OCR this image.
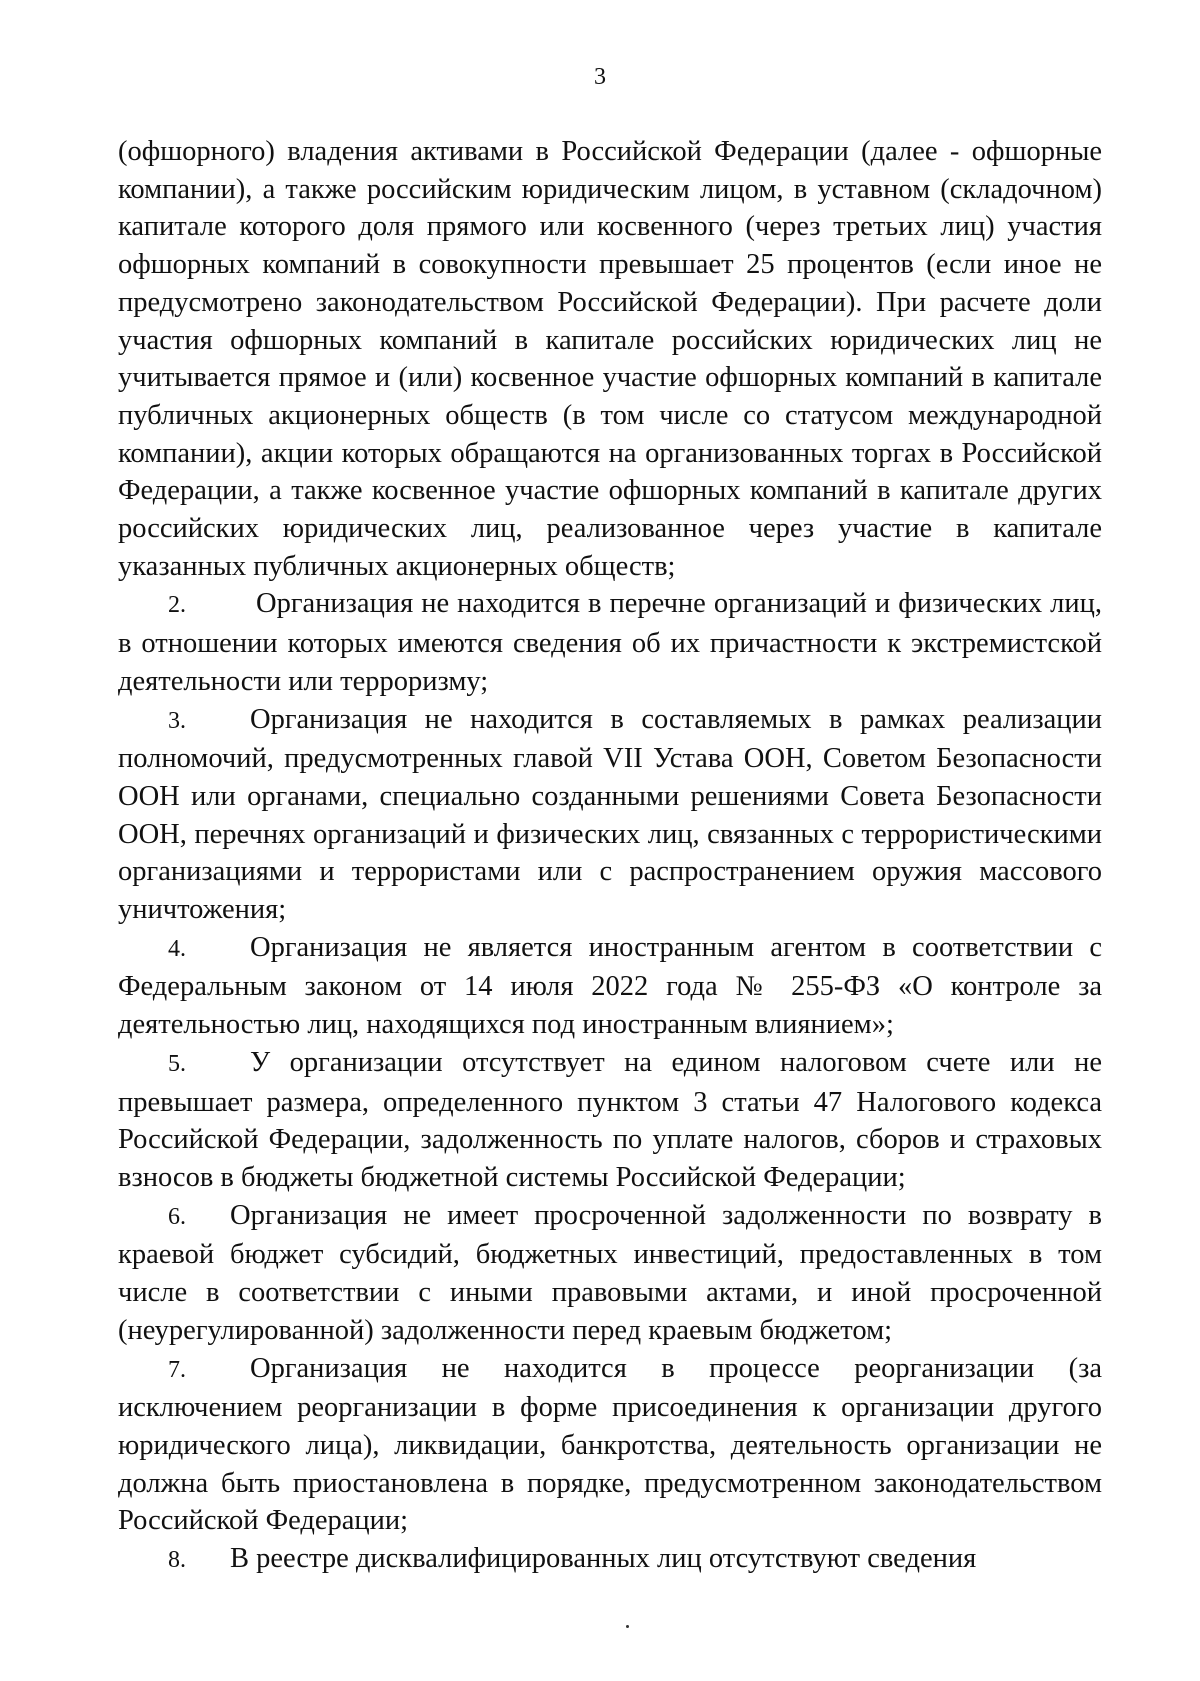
3

(офшорного) владения активами в Российской Федерации (далее - офшорные компании), а также российским юридическим лицом, в уставном (складочном) капитале которого доля прямого или косвенного (через третьих лиц) участия офшорных компаний в совокупности превышает 25 процентов (если иное не предусмотрено законодательством Российской Федерации). При расчете доли участия офшорных компаний в капитале российских юридических лиц не учитывается прямое и (или) косвенное участие офшорных компаний в капитале публичных акционерных обществ (в том числе со статусом международной компании), акции которых обращаются на организованных торгах в Российской Федерации, а также косвенное участие офшорных компаний в капитале других российских юридических лиц, реализованное через участие в капитале указанных публичных акционерных обществ;

2. Организация не находится в перечне организаций и физических лиц, в отношении которых имеются сведения об их причастности к экстремистской деятельности или терроризму;

3. Организация не находится в составляемых в рамках реализации полномочий, предусмотренных главой VII Устава ООН, Советом Безопасности ООН или органами, специально созданными решениями Совета Безопасности ООН, перечнях организаций и физических лиц, связанных с террористическими организациями и террористами или с распространением оружия массового уничтожения;

4. Организация не является иностранным агентом в соответствии с Федеральным законом от 14 июля 2022 года № 255-ФЗ «О контроле за деятельностью лиц, находящихся под иностранным влиянием»;

5. У организации отсутствует на едином налоговом счете или не превышает размера, определенного пунктом 3 статьи 47 Налогового кодекса Российской Федерации, задолженность по уплате налогов, сборов и страховых взносов в бюджеты бюджетной системы Российской Федерации;

6. Организация не имеет просроченной задолженности по возврату в краевой бюджет субсидий, бюджетных инвестиций, предоставленных в том числе в соответствии с иными правовыми актами, и иной просроченной (неурегулированной) задолженности перед краевым бюджетом;

7. Организация не находится в процессе реорганизации (за исключением реорганизации в форме присоединения к организации другого юридического лица), ликвидации, банкротства, деятельность организации не должна быть приостановлена в порядке, предусмотренном законодательством Российской Федерации;

8. В реестре дисквалифицированных лиц отсутствуют сведения
